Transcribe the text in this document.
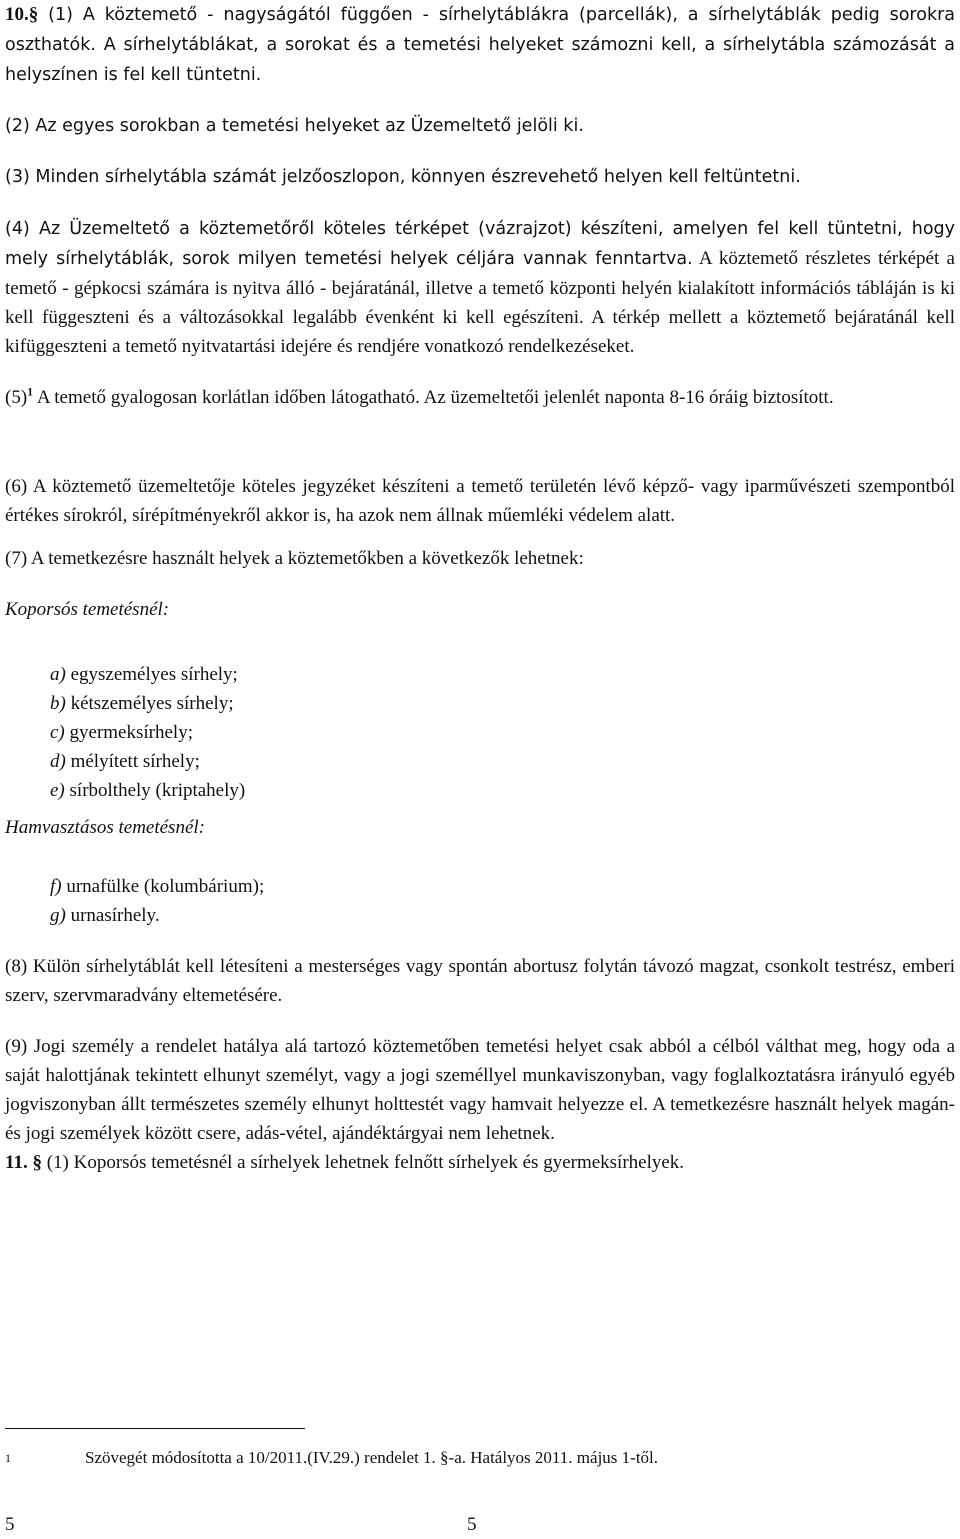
10.§ (1) A köztemető - nagyságától függően - sírhelytáblákra (parcellák), a sírhelytáblák pedig sorokra oszthatók. A sírhelytáblákat, a sorokat és a temetési helyeket számozni kell, a sírhelytábla számozását a helyszínen is fel kell tüntetni.

(2) Az egyes sorokban a temetési helyeket az Üzemeltető jelöli ki.

(3) Minden sírhelytábla számát jelzőoszlopon, könnyen észrevehető helyen kell feltüntetni.

(4) Az Üzemeltető a köztemetőről köteles térképet (vázrajzot) készíteni, amelyen fel kell tüntetni, hogy mely sírhelytáblák, sorok milyen temetési helyek céljára vannak fenntartva. A köztemető részletes térképét a temető - gépkocsi számára is nyitva álló - bejáratánál, illetve a temető központi helyén kialakított információs tábláján is ki kell függeszteni és a változásokkal legalább évenként ki kell egészíteni. A térkép mellett a köztemető bejáratánál kell kifüggeszteni a temető nyitvatartási idejére és rendjére vonatkozó rendelkezéseket.

$(5)^1$ A temető gyalogosan korlátlan időben látogatható. Az üzemeltetői jelenlét naponta 8-16 óráig biztosított.

(6) A köztemető üzemeltetője köteles jegyzéket készíteni a temető területén lévő képző- vagy iparművészeti szempontból értékes sírokról, sírépítményekről akkor is, ha azok nem állnak műemléki védelem alatt.

(7) A temetkezésre használt helyek a köztemetőkben a következők lehetnek:

Koporsós temetésnél:

a) egyszemélyes sírhely;
b) kétszemélyes sírhely;
c) gyermeksírhely;
d) mélyített sírhely;
e) sírbolthely (kriptahely)

Hamvasztásos temetésnél:

f) urnafülke (kolumbárium);
g) urnasírhely.

(8) Külön sírhelytáblát kell létesíteni a mesterséges vagy spontán abortusz folytán távozó magzat, csonkolt testrész, emberi szerv, szervmaradvány eltemetésére.

(9) Jogi személy a rendelet hatálya alá tartozó köztemetőben temetési helyet csak abból a célból válthat meg, hogy oda a saját halottjának tekintett elhunyt személyt, vagy a jogi személlyel munkaviszonyban, vagy foglalkoztatásra irányuló egyéb jogviszonyban állt természetes személy elhunyt holttestét vagy hamvait helyezze el. A temetkezésre használt helyek magán- és jogi személyek között csere, adás-vétel, ajándéktárgyai nem lehetnek.

11. § (1) Koporsós temetésnél a sírhelyek lehetnek felnőtt sírhelyek és gyermeksírhelyek.

1	Szövegét módosította a 10/2011.(IV.29.) rendelet 1. §-a. Hatályos 2011. május 1-től.
5	5
